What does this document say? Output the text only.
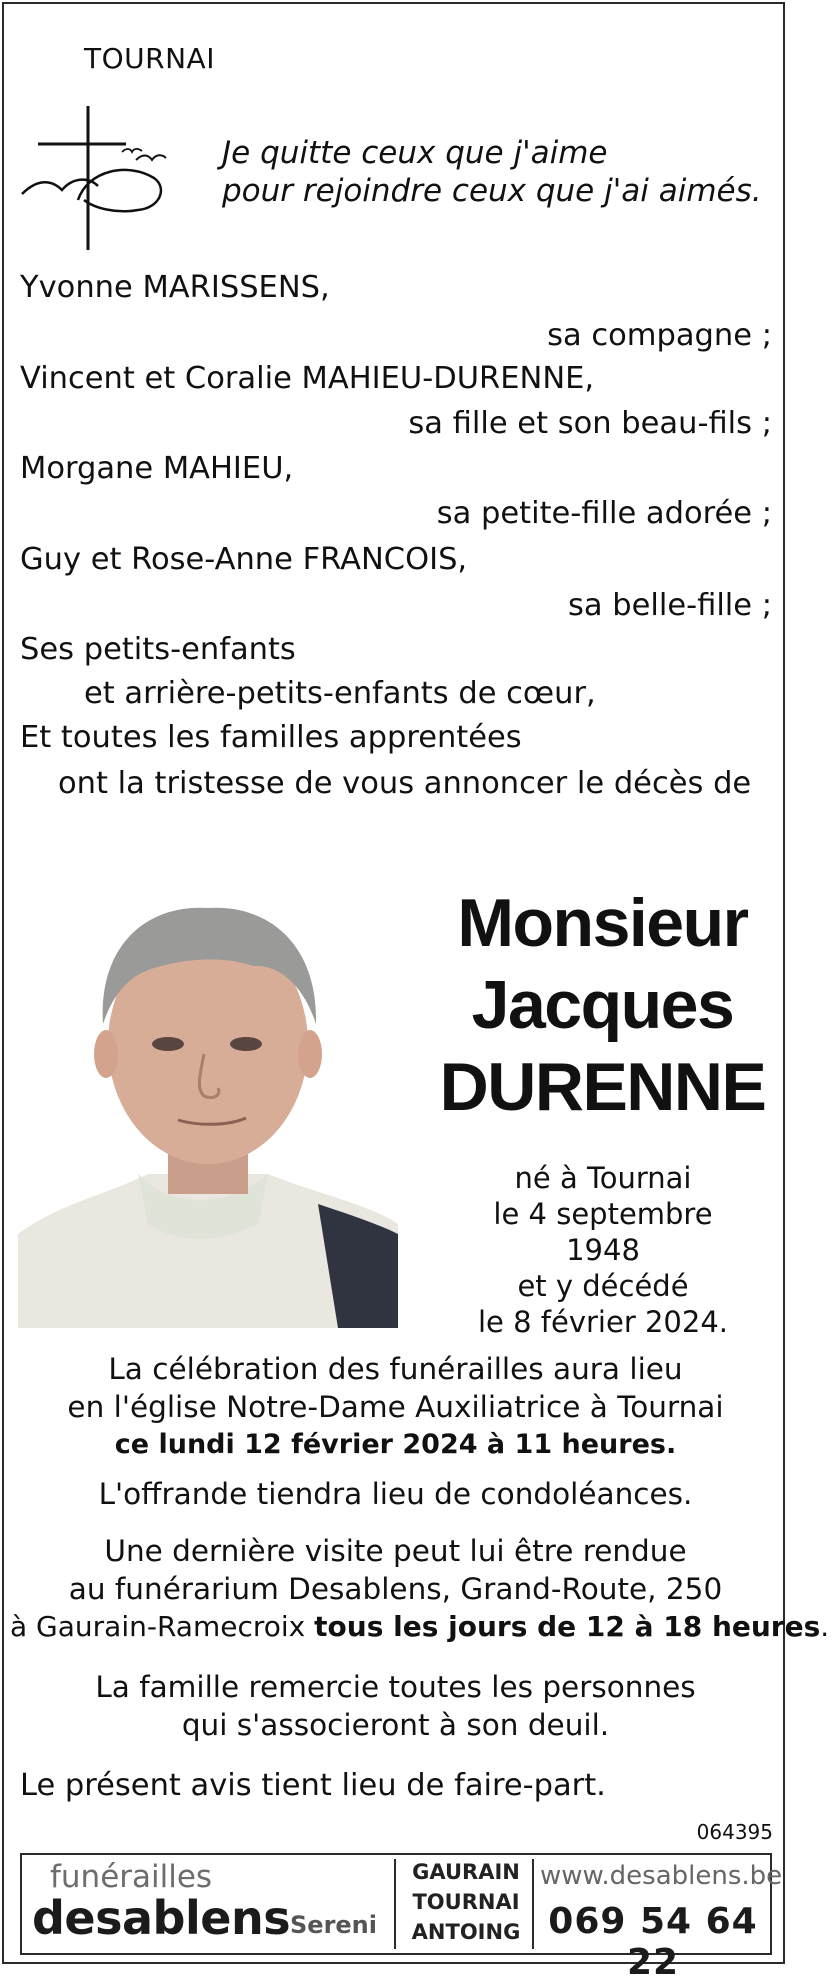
TOURNAI
Je quitte ceux que j'aime
pour rejoindre ceux que j'ai aimés.
Yvonne MARISSENS,
sa compagne ;
Vincent et Coralie MAHIEU-DURENNE,
sa fille et son beau-fils ;
Morgane MAHIEU,
sa petite-fille adorée ;
Guy et Rose-Anne FRANCOIS,
sa belle-fille ;
Ses petits-enfants
et arrière-petits-enfants de cœur,
Et toutes les familles apprentées
ont la tristesse de vous annoncer le décès de
Monsieur
Jacques
DURENNE
né à Tournai
le 4 septembre 1948
et y décédé
le 8 février 2024.
La célébration des funérailles aura lieu
en l'église Notre-Dame Auxiliatrice à Tournai
ce lundi 12 février 2024 à 11 heures.
L'offrande tiendra lieu de condoléances.
Une dernière visite peut lui être rendue
au funérarium Desablens, Grand-Route, 250
à Gaurain-Ramecroix tous les jours de 12 à 18 heures.
La famille remercie toutes les personnes
qui s'associeront à son deuil.
Le présent avis tient lieu de faire-part.
064395
funérailles
desablens Sereni
GAURAIN
TOURNAI
ANTOING
www.desablens.be
069 54 64 22
